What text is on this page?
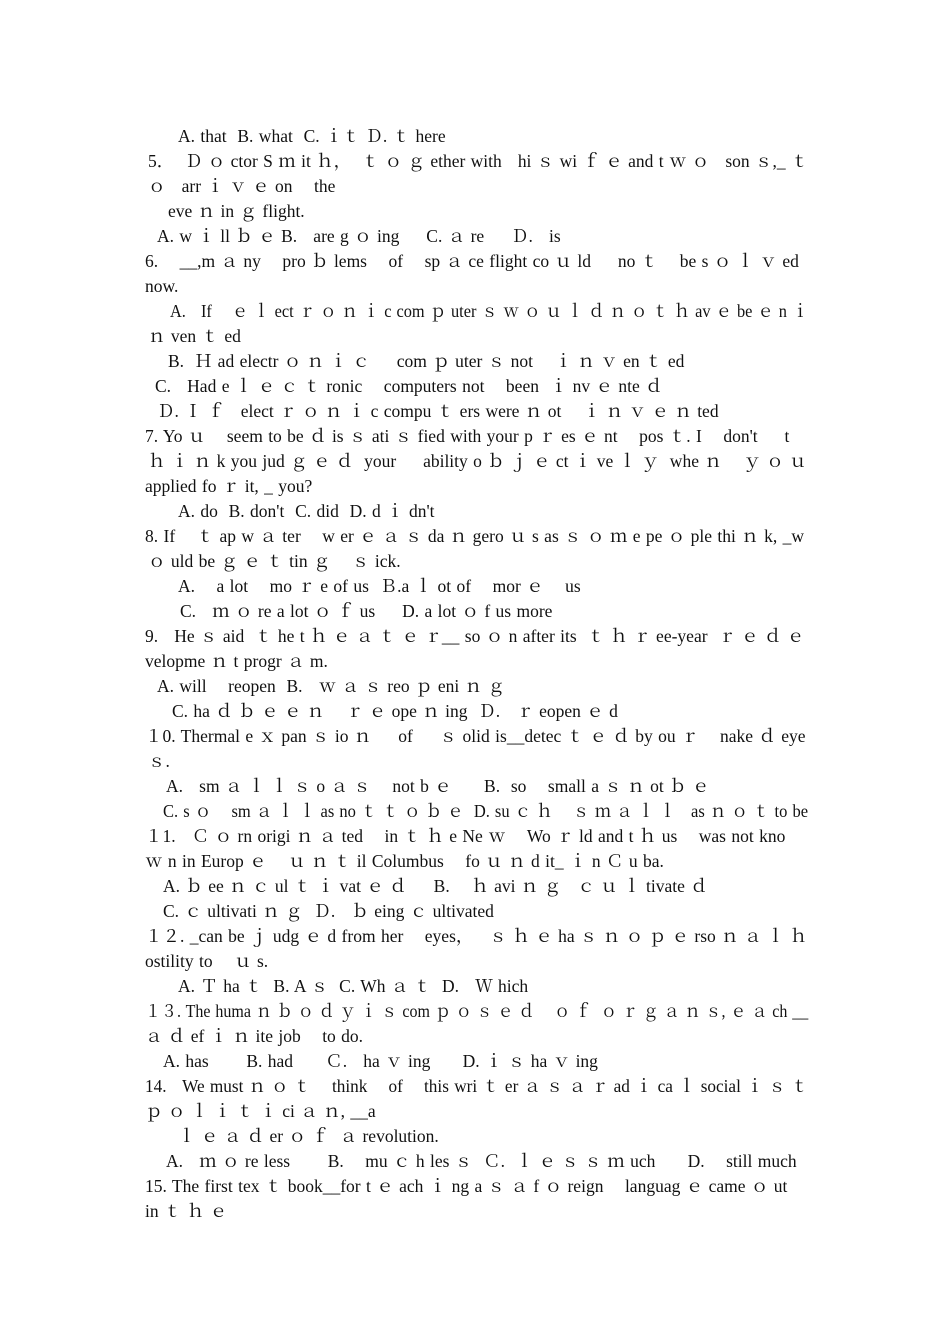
A. that  B. what  C. ｉｔ Ｄ. ｔ here
5．  Ｄ ｏ ctor S ｍ it ｈ，  ｔ ｏ ｇ ether with   hi ｓ wi ｆ ｅ and t ｗ ｏ   son ｓ,_ ｔ
ｏ   arr ｉ ｖ ｅ on    the
eve ｎ in ｇ flight.
A. w ｉ ll ｂ ｅ B.   are g ｏ ing     C. ａ re     Ｄ.   is
6.    __,m ａ ny    pro ｂ lems    of    sp ａ ce flight co ｕ ld     no ｔ    be s ｏ ｌ ｖ ed
now.
A.   If    ｅ ｌ ect ｒ ｏ ｎ ｉ c com ｐ uter ｓ ｗ ｏ ｕ ｌ ｄ ｎ ｏ ｔ ｈ av ｅ be ｅ n ｉ
ｎ ven ｔ ed
B.  Ｈ ad electr ｏ ｎ ｉ ｃ     com ｐ uter ｓ not    ｉ ｎ ｖ en ｔ ed
C.   Had e ｌ ｅ ｃ ｔ ronic    computers not    been  ｉ nv ｅ nte ｄ
Ｄ. Ｉ ｆ   elect ｒ ｏ ｎ ｉ c compu ｔ ers were ｎ ot    ｉ ｎ ｖ ｅ ｎ ted
7. Yo ｕ    seem to be ｄ is ｓ ati ｓ fied with your p ｒ es ｅ nt    pos ｔ. I    don't     t
ｈ ｉ ｎ k you jud ｇ ｅ ｄ  your     ability o ｂ ｊ ｅ ct ｉ ve ｌ ｙ  whe ｎ    ｙ ｏ ｕ
applied fo ｒ it, _ you?
A. do  B. don't  C. did  D. d ｉ dn't
8. If    ｔ ap w ａ ter    w er ｅ ａ ｓ da ｎ gero ｕ s as ｓ ｏ ｍ e pe ｏ ple thi ｎ k, _w
ｏ uld be ｇ ｅ ｔ tin ｇ    ｓ ick.
A.    a lot    mo ｒ e of us  Ｂ.a ｌ ot of    mor ｅ    us
C.   ｍ ｏ re a lot ｏ ｆ us     D. a lot ｏ f us more
9.   He ｓ aid  ｔ he t ｈ ｅ ａ ｔ ｅ ｒ__ so ｏ n after its  ｔ ｈ ｒ ee-year  ｒ ｅ ｄ ｅ
velopme ｎ t progr ａ m.
A. will    reopen  B.   ｗ ａ ｓ reo ｐ eni ｎ ｇ
C. ha ｄ ｂ ｅ ｅ ｎ    ｒ ｅ ope ｎ ing  Ｄ.   ｒ eopen ｅ d
１0. Thermal e ｘ pan ｓ io ｎ     of     ｓ olid is__detec ｔ ｅ ｄ by ou ｒ    nake ｄ eye
ｓ.
A.   sm ａ ｌ ｌ ｓ o ａ ｓ    not b ｅ      B.  so    small a ｓ ｎ ot ｂ ｅ
C. s ｏ    sm ａ ｌ ｌ as no ｔ ｔ ｏ ｂ ｅ  D. su ｃ ｈ    ｓ ｍ ａ ｌ ｌ   as ｎ ｏ ｔ to be
１1.   Ｃ ｏ rn origi ｎ ａ ted    in ｔ ｈ e Ne ｗ    Wo ｒ ld and t ｈ us    was not kno
ｗ n in Europ ｅ    ｕ ｎ ｔ il Columbus    fo ｕ ｎ d it_ ｉ n Ｃ u ba.
A. ｂ ee ｎ ｃ ul ｔ ｉ vat ｅ ｄ     B.    ｈ avi ｎ ｇ   ｃ ｕ ｌ tivate ｄ
C. ｃ ultivati ｎ ｇ  Ｄ.   ｂ eing ｃ ultivated
１２. _can be ｊ udg ｅ d from her    eyes，   ｓ ｈ ｅ ha ｓ ｎ ｏ ｐ ｅ rso ｎ ａ ｌ ｈ
ostility to    ｕ s.
A. Ｔ ha ｔ  B. A ｓ  C. Wh ａ ｔ  D.   Ｗ hich
１３. The huma ｎ ｂ ｏ ｄ ｙ ｉ ｓ com ｐ ｏ ｓ ｅ ｄ    ｏ ｆ  ｏ ｒ ｇ ａ ｎ ｓ, ｅ ａ ch __
ａ ｄ ef ｉ ｎ ite job    to do.
A. has       B. had      Ｃ.   ha ｖ ing      D. ｉ ｓ ha ｖ ing
14.   We must ｎ ｏ ｔ    think    of    this wri ｔ er ａ ｓ ａ ｒ ad ｉ ca ｌ social ｉ ｓ ｔ
ｐ ｏ ｌ ｉ ｔ ｉ ci ａ ｎ, __a
ｌ ｅ ａ ｄ er ｏ ｆ  ａ revolution.
A.   ｍ ｏ re less       B.    mu ｃ h les ｓ  Ｃ.  ｌ ｅ ｓ ｓ ｍ uch      D.    still much
15. The first tex ｔ book__for t ｅ ach ｉ ng a ｓ ａ f ｏ reign    languag ｅ came ｏ ut
in ｔ ｈ ｅ
